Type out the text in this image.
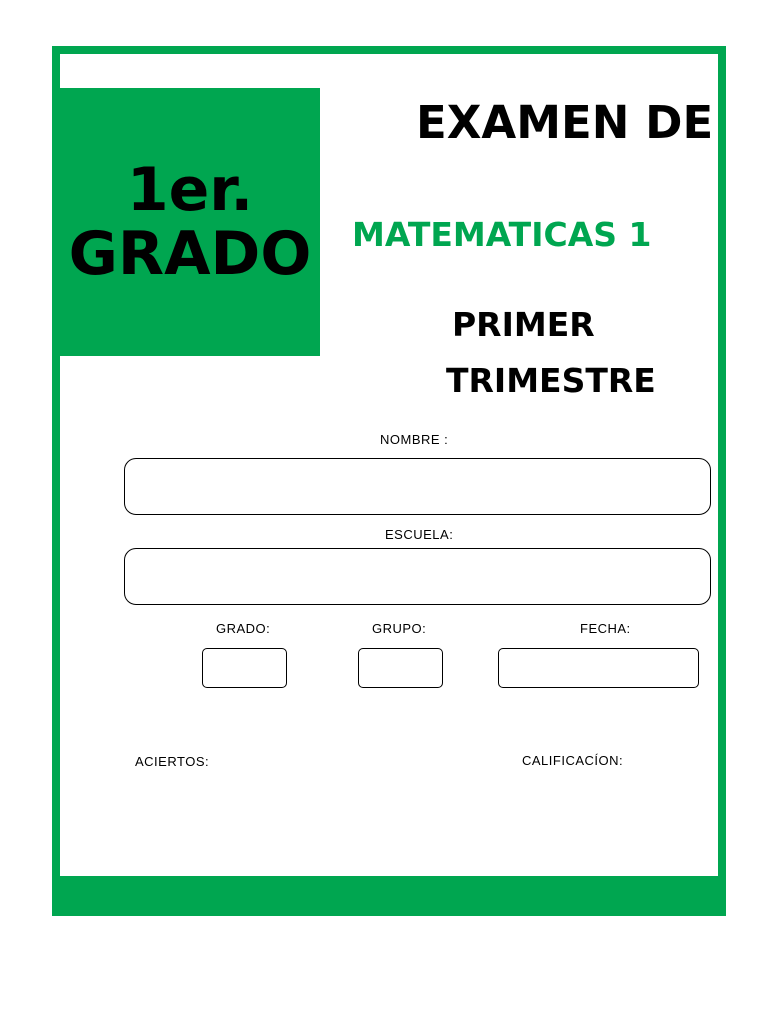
1er.
GRADO
EXAMEN DE
MATEMATICAS 1
PRIMER
TRIMESTRE
NOMBRE :
ESCUELA:
GRADO:	GRUPO:	FECHA:
ACIERTOS:	CALIFICACÍON:
